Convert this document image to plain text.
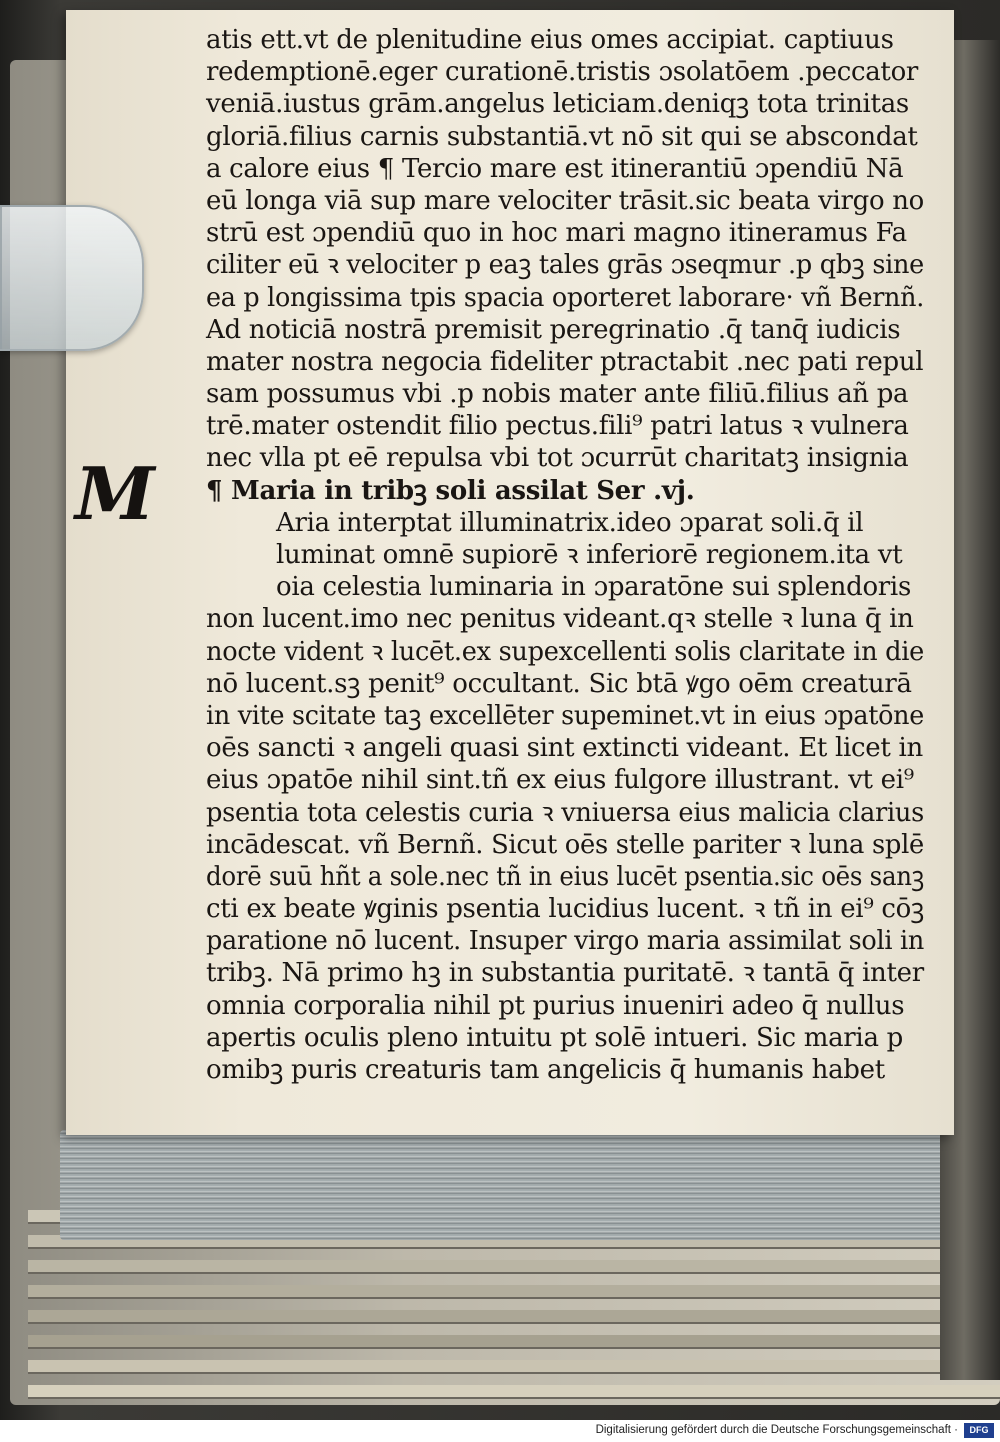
atis ett.vt de plenitudine eius omes accipiat. captiuus
redemptionē.eger curationē.tristis ɔsolatōem .peccator
veniā.iustus grām.angelus leticiam.deniqꝫ tota trinitas
gloriā.filius carnis substantiā.vt nō sit qui se abscondat
a calore eius ¶ Tercio mare est itinerantiū ɔpendiū Nā
eū longa viā sup mare velociter trāsit.sic beata virgo no
strū est ɔpendiū quo in hoc mari magno itineramus Fa
ciliter eū ꝛ velociter p eaꝫ tales grās ɔseqmur .p qbꝫ sine
ea p longissima tpis spacia oporteret laborare· vñ Bernñ.
Ad noticiā nostrā premisit peregrinatio .q̄ tanq̄ iudicis
mater nostra negocia fideliter ptractabit .nec pati repul
sam possumus vbi .p nobis mater ante filiū.filius añ pa
trē.mater ostendit filio pectus.fili⁹ patri latus ꝛ vulnera
nec vlla pt eē repulsa vbi tot ɔcurrūt charitatꝫ insignia
¶ Maria in tribꝫ soli assilat Ser .vj.
Aria interptat illuminatrix.ideo ɔparat soli.q̄ il
luminat omnē supiorē ꝛ inferiorē regionem.ita vt
oia celestia luminaria in ɔparatōne sui splendoris
non lucent.imo nec penitus videant.qꝛ stelle ꝛ luna q̄ in
nocte vident ꝛ lucēt.ex supexcellenti solis claritate in die
nō lucent.sꝫ penit⁹ occultant. Sic btā ꝟgo oēm creaturā
in vite scitate taꝫ excellēter supeminet.vt in eius ɔpatōne
oēs sancti ꝛ angeli quasi sint extincti videant. Et licet in
eius ɔpatōe nihil sint.tñ ex eius fulgore illustrant. vt ei⁹
psentia tota celestis curia ꝛ vniuersa eius malicia clarius
incādescat. vñ Bernñ. Sicut oēs stelle pariter ꝛ luna splē
dorē suū hñt a sole.nec tñ in eius lucēt psentia.sic oēs sanꝫ
cti ex beate ꝟginis psentia lucidius lucent. ꝛ tñ in ei⁹ cōꝫ
paratione nō lucent. Insuper virgo maria assimilat soli in
tribꝫ. Nā primo hꝫ in substantia puritatē. ꝛ tantā q̄ inter
omnia corporalia nihil pt purius inueniri adeo q̄ nullus
apertis oculis pleno intuitu pt solē intueri. Sic maria p
omibꝫ puris creaturis tam angelicis q̄ humanis habet
M
Digitalisierung gefördert durch die Deutsche Forschungsgemeinschaft ·	DFG
